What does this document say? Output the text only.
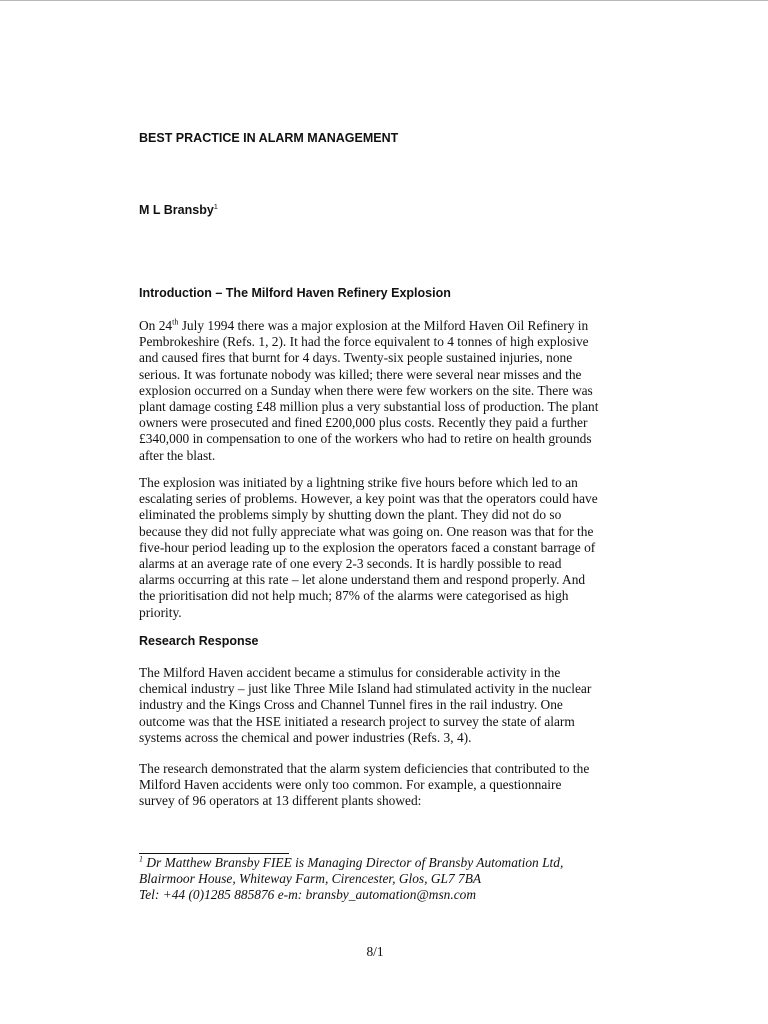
BEST PRACTICE IN ALARM MANAGEMENT

M L Bransby$^1$

Introduction – The Milford Haven Refinery Explosion
On 24th July 1994 there was a major explosion at the Milford Haven Oil Refinery in
Pembrokeshire (Refs. 1, 2). It had the force equivalent to 4 tonnes of high explosive
and caused fires that burnt for 4 days. Twenty-six people sustained injuries, none
serious. It was fortunate nobody was killed; there were several near misses and the
explosion occurred on a Sunday when there were few workers on the site. There was
plant damage costing £48 million plus a very substantial loss of production. The plant
owners were prosecuted and fined £200,000 plus costs. Recently they paid a further
£340,000 in compensation to one of the workers who had to retire on health grounds
after the blast.
The explosion was initiated by a lightning strike five hours before which led to an
escalating series of problems. However, a key point was that the operators could have
eliminated the problems simply by shutting down the plant. They did not do so
because they did not fully appreciate what was going on. One reason was that for the
five-hour period leading up to the explosion the operators faced a constant barrage of
alarms at an average rate of one every 2-3 seconds. It is hardly possible to read
alarms occurring at this rate – let alone understand them and respond properly. And
the prioritisation did not help much; 87% of the alarms were categorised as high
priority.
Research Response
The Milford Haven accident became a stimulus for considerable activity in the
chemical industry – just like Three Mile Island had stimulated activity in the nuclear
industry and the Kings Cross and Channel Tunnel fires in the rail industry. One
outcome was that the HSE initiated a research project to survey the state of alarm
systems across the chemical and power industries (Refs. 3, 4).
The research demonstrated that the alarm system deficiencies that contributed to the
Milford Haven accidents were only too common. For example, a questionnaire
survey of 96 operators at 13 different plants showed:
$^1$ Dr Matthew Bransby FIEE is Managing Director of Bransby Automation Ltd,
Blairmoor House, Whiteway Farm, Cirencester, Glos, GL7 7BA
Tel: +44 (0)1285 885876 e-m: bransby_automation@msn.com

8/1
